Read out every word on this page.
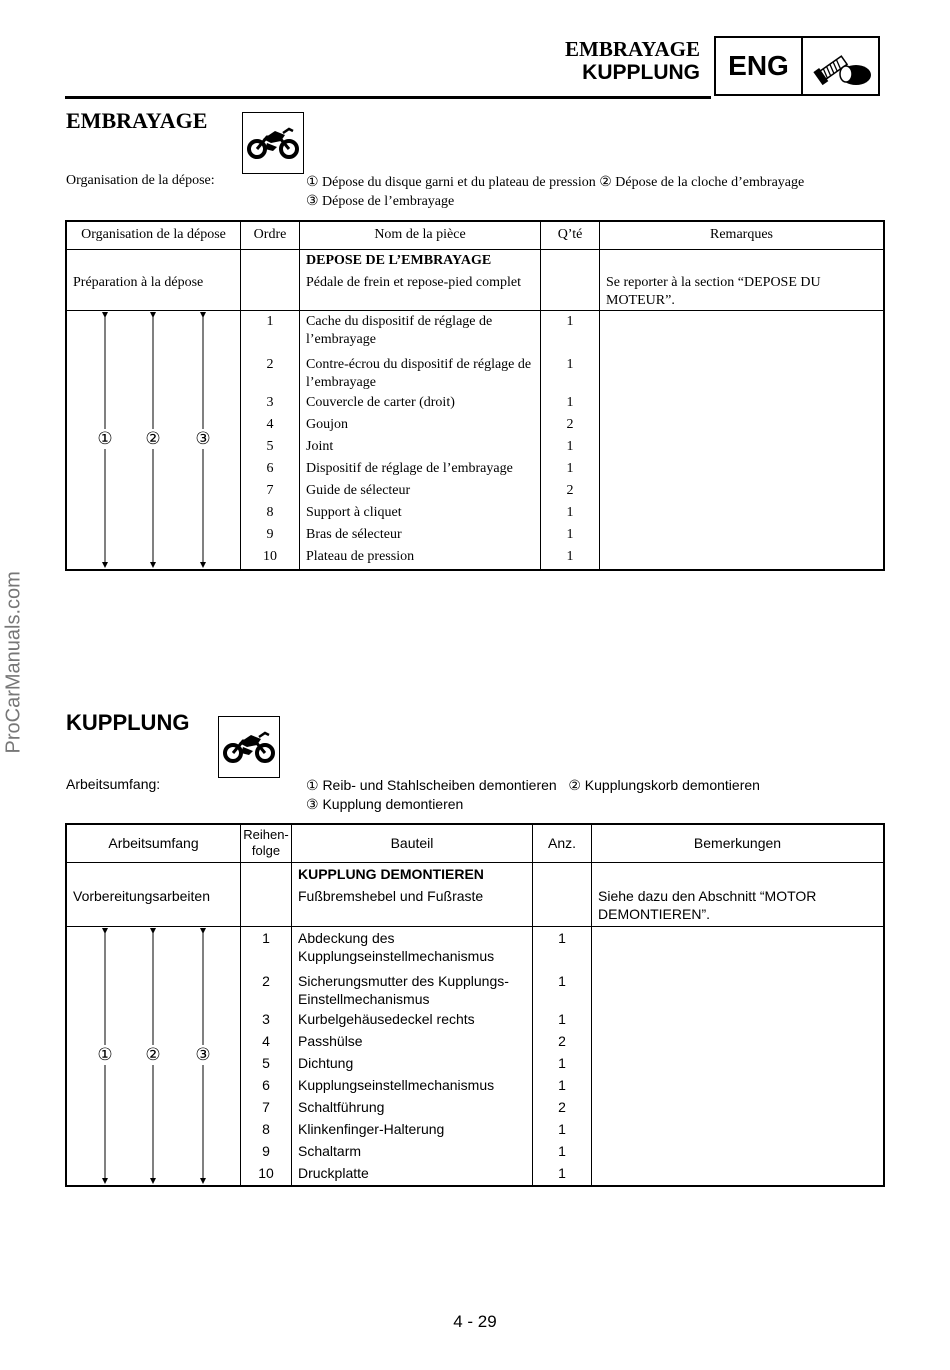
ProCarManuals.com
EMBRAYAGE
KUPPLUNG	ENG
EMBRAYAGE
Organisation de la dépose:	① Dépose du disque garni et du plateau de pression ② Dépose de la cloche d’embrayage
③ Dépose de l’embrayage
Organisation de la dépose	Ordre	Nom de la pièce	Q’té	Remarques
		DEPOSE DE L’EMBRAYAGE		
Préparation à la dépose		Pédale de frein et repose-pied complet		Se reporter à la section “DEPOSE DU MOTEUR”.

① ② ③	1	Cache du dispositif de réglage de l’embrayage	1	
	2	Contre-écrou du dispositif de réglage de l’embrayage	1	
	3	Couvercle de carter (droit)	1	
	4	Goujon	2	
	5	Joint	1	
	6	Dispositif de réglage de l’embrayage	1	
	7	Guide de sélecteur	2	
	8	Support à cliquet	1	
	9	Bras de sélecteur	1	
	10	Plateau de pression	1	
KUPPLUNG
Arbeitsumfang:	① Reib- und Stahlscheiben demontieren   ② Kupplungskorb demontieren
③ Kupplung demontieren
Arbeitsumfang	Reihen-folge	Bauteil	Anz.	Bemerkungen
		KUPPLUNG DEMONTIEREN		
Vorbereitungsarbeiten		Fußbremshebel und Fußraste		Siehe dazu den Abschnitt “MOTOR DEMONTIEREN”.

① ② ③	1	Abdeckung des Kupplungseinstellmechanismus	1	
	2	Sicherungsmutter des Kupplungs-Einstellmechanismus	1	
	3	Kurbelgehäusedeckel rechts	1	
	4	Passhülse	2	
	5	Dichtung	1	
	6	Kupplungseinstellmechanismus	1	
	7	Schaltführung	2	
	8	Klinkenfinger-Halterung	1	
	9	Schaltarm	1	
	10	Druckplatte	1	
4 - 29
